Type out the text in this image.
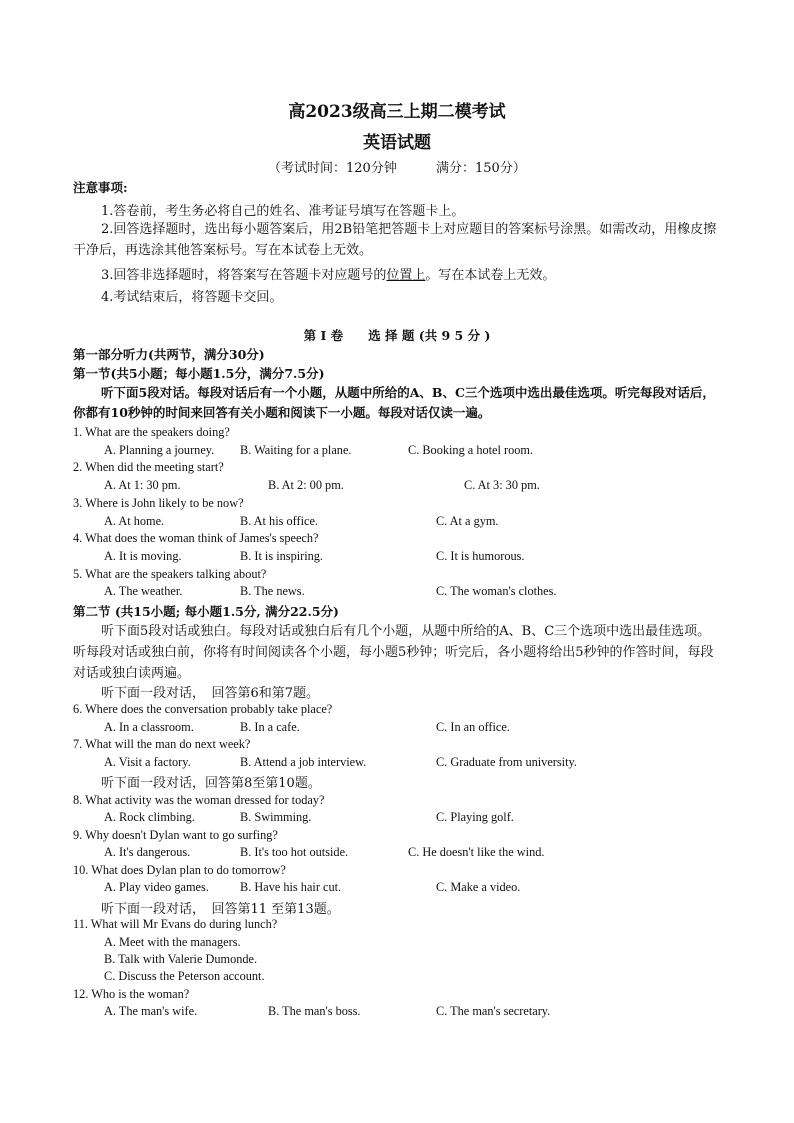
高2023级高三上期二模考试
英语试题
（考试时间：120分钟	满分：150分）
注意事项:
1.答卷前，考生务必将自己的姓名、准考证号填写在答题卡上。
2.回答选择题时，选出每小题答案后，用2B铅笔把答题卡上对应题目的答案标号涂黑。如需改动，用橡皮擦干净后，再选涂其他答案标号。写在本试卷上无效。
3.回答非选择题时，将答案写在答题卡对应题号的位置上。写在本试卷上无效。
4.考试结束后，将答题卡交回。
第 I 卷　　选 择 题 (共 9 5 分 )
第一部分听力(共两节，满分30分)
第一节(共5小题；每小题1.5分，满分7.5分)
听下面5段对话。每段对话后有一个小题，从题中所给的A、B、C三个选项中选出最佳选项。听完每段对话后，你都有10秒钟的时间来回答有关小题和阅读下一小题。每段对话仅读一遍。
1. What are the speakers doing?
A. Planning a journey. B. Waiting for a plane.	C. Booking a hotel room.
2. When did the meeting start?
A. At 1: 30 pm.	B. At 2: 00 pm.	C. At 3: 30 pm.
3. Where is John likely to be now?
A. At home.	B. At his office.	C. At a gym.
4. What does the woman think of James's speech?
A. It is moving.	B. It is inspiring.	C. It is humorous.
5. What are the speakers talking about?
A. The weather.	B. The news.	C. The woman's clothes.
第二节 (共15小题; 每小题1.5分, 满分22.5分)
听下面5段对话或独白。每段对话或独白后有几个小题，从题中所给的A、B、C三个选项中选出最佳选项。听每段对话或独白前，你将有时间阅读各个小题，每小题5秒钟；听完后，各小题将给出5秒钟的作答时间，每段对话或独白读两遍。
听下面一段对话，　回答第6和第7题。
6. Where does the conversation probably take place?
A. In a classroom.	B. In a cafe.	C. In an office.
7. What will the man do next week?
A. Visit a factory.	B. Attend a job interview.	C. Graduate from university.
听下面一段对话，回答第8至第10题。
8. What activity was the woman dressed for today?
A. Rock climbing.	B. Swimming.	C. Playing golf.
9. Why doesn't Dylan want to go surfing?
A. It's dangerous.	B. It's too hot outside.	C. He doesn't like the wind.
10. What does Dylan plan to do tomorrow?
A. Play video games.	B. Have his hair cut.	C. Make a video.
听下面一段对话，　回答第11 至第13题。
11. What will Mr Evans do during lunch?
A. Meet with the managers.
B. Talk with Valerie Dumonde.
C. Discuss the Peterson account.
12. Who is the woman?
A. The man's wife.	B. The man's boss.	C. The man's secretary.
